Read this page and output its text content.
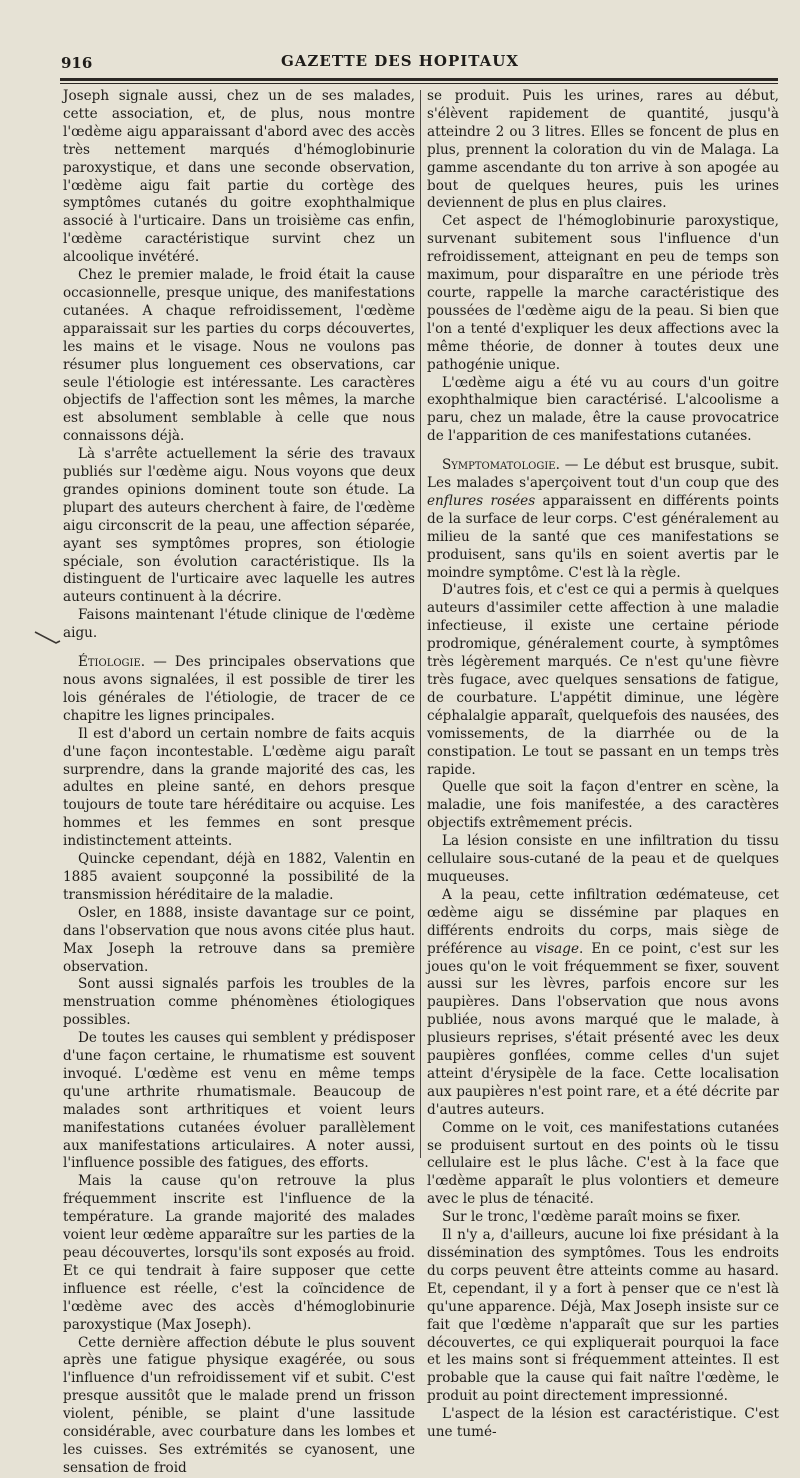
916	GAZETTE DES HOPITAUX

Joseph signale aussi, chez un de ses malades, cette association, et, de plus, nous montre l'œdème aigu apparaissant d'abord avec des accès très nettement marqués d'hémoglobinurie paroxystique, et dans une seconde observation, l'œdème aigu fait partie du cortège des symptômes cutanés du goitre exophthalmique associé à l'urticaire. Dans un troisième cas enfin, l'œdème caractéristique survint chez un alcoolique invétéré.

Chez le premier malade, le froid était la cause occasionnelle, presque unique, des manifestations cutanées. A chaque refroidissement, l'œdème apparaissait sur les parties du corps découvertes, les mains et le visage. Nous ne voulons pas résumer plus longuement ces observations, car seule l'étiologie est intéressante. Les caractères objectifs de l'affection sont les mêmes, la marche est absolument semblable à celle que nous connaissons déjà.

Là s'arrête actuellement la série des travaux publiés sur l'œdème aigu. Nous voyons que deux grandes opinions dominent toute son étude. La plupart des auteurs cherchent à faire, de l'œdème aigu circonscrit de la peau, une affection séparée, ayant ses symptômes propres, son étiologie spéciale, son évolution caractéristique. Ils la distinguent de l'urticaire avec laquelle les autres auteurs continuent à la décrire.

Faisons maintenant l'étude clinique de l'œdème aigu.

Étiologie. — Des principales observations que nous avons signalées, il est possible de tirer les lois générales de l'étiologie, de tracer de ce chapitre les lignes principales.

Il est d'abord un certain nombre de faits acquis d'une façon incontestable. L'œdème aigu paraît surprendre, dans la grande majorité des cas, les adultes en pleine santé, en dehors presque toujours de toute tare héréditaire ou acquise. Les hommes et les femmes en sont presque indistinctement atteints.

Quincke cependant, déjà en 1882, Valentin en 1885 avaient soupçonné la possibilité de la transmission héréditaire de la maladie.

Osler, en 1888, insiste davantage sur ce point, dans l'observation que nous avons citée plus haut. Max Joseph la retrouve dans sa première observation.

Sont aussi signalés parfois les troubles de la menstruation comme phénomènes étiologiques possibles.

De toutes les causes qui semblent y prédisposer d'une façon certaine, le rhumatisme est souvent invoqué. L'œdème est venu en même temps qu'une arthrite rhumatismale. Beaucoup de malades sont arthritiques et voient leurs manifestations cutanées évoluer parallèlement aux manifestations articulaires. A noter aussi, l'influence possible des fatigues, des efforts.

Mais la cause qu'on retrouve la plus fréquemment inscrite est l'influence de la température. La grande majorité des malades voient leur œdème apparaître sur les parties de la peau découvertes, lorsqu'ils sont exposés au froid. Et ce qui tendrait à faire supposer que cette influence est réelle, c'est la coïncidence de l'œdème avec des accès d'hémoglobinurie paroxystique (Max Joseph).

Cette dernière affection débute le plus souvent après une fatigue physique exagérée, ou sous l'influence d'un refroidissement vif et subit. C'est presque aussitôt que le malade prend un frisson violent, pénible, se plaint d'une lassitude considérable, avec courbature dans les lombes et les cuisses. Ses extrémités se cyanosent, une sensation de froid

se produit. Puis les urines, rares au début, s'élèvent rapidement de quantité, jusqu'à atteindre 2 ou 3 litres. Elles se foncent de plus en plus, prennent la coloration du vin de Malaga. La gamme ascendante du ton arrive à son apogée au bout de quelques heures, puis les urines deviennent de plus en plus claires.

Cet aspect de l'hémoglobinurie paroxystique, survenant subitement sous l'influence d'un refroidissement, atteignant en peu de temps son maximum, pour disparaître en une période très courte, rappelle la marche caractéristique des poussées de l'œdème aigu de la peau. Si bien que l'on a tenté d'expliquer les deux affections avec la même théorie, de donner à toutes deux une pathogénie unique.

L'œdème aigu a été vu au cours d'un goitre exophthalmique bien caractérisé. L'alcoolisme a paru, chez un malade, être la cause provocatrice de l'apparition de ces manifestations cutanées.

Symptomatologie. — Le début est brusque, subit. Les malades s'aperçoivent tout d'un coup que des enflures rosées apparaissent en différents points de la surface de leur corps. C'est généralement au milieu de la santé que ces manifestations se produisent, sans qu'ils en soient avertis par le moindre symptôme. C'est là la règle.

D'autres fois, et c'est ce qui a permis à quelques auteurs d'assimiler cette affection à une maladie infectieuse, il existe une certaine période prodromique, généralement courte, à symptômes très légèrement marqués. Ce n'est qu'une fièvre très fugace, avec quelques sensations de fatigue, de courbature. L'appétit diminue, une légère céphalalgie apparaît, quelquefois des nausées, des vomissements, de la diarrhée ou de la constipation. Le tout se passant en un temps très rapide.

Quelle que soit la façon d'entrer en scène, la maladie, une fois manifestée, a des caractères objectifs extrêmement précis.

La lésion consiste en une infiltration du tissu cellulaire sous-cutané de la peau et de quelques muqueuses.

A la peau, cette infiltration œdémateuse, cet œdème aigu se dissémine par plaques en différents endroits du corps, mais siège de préférence au visage. En ce point, c'est sur les joues qu'on le voit fréquemment se fixer, souvent aussi sur les lèvres, parfois encore sur les paupières. Dans l'observation que nous avons publiée, nous avons marqué que le malade, à plusieurs reprises, s'était présenté avec les deux paupières gonflées, comme celles d'un sujet atteint d'érysipèle de la face. Cette localisation aux paupières n'est point rare, et a été décrite par d'autres auteurs.

Comme on le voit, ces manifestations cutanées se produisent surtout en des points où le tissu cellulaire est le plus lâche. C'est à la face que l'œdème apparaît le plus volontiers et demeure avec le plus de ténacité.

Sur le tronc, l'œdème paraît moins se fixer.

Il n'y a, d'ailleurs, aucune loi fixe présidant à la dissémination des symptômes. Tous les endroits du corps peuvent être atteints comme au hasard. Et, cependant, il y a fort à penser que ce n'est là qu'une apparence. Déjà, Max Joseph insiste sur ce fait que l'œdème n'apparaît que sur les parties découvertes, ce qui expliquerait pourquoi la face et les mains sont si fréquemment atteintes. Il est probable que la cause qui fait naître l'œdème, le produit au point directement impressionné.

L'aspect de la lésion est caractéristique. C'est une tumé-
